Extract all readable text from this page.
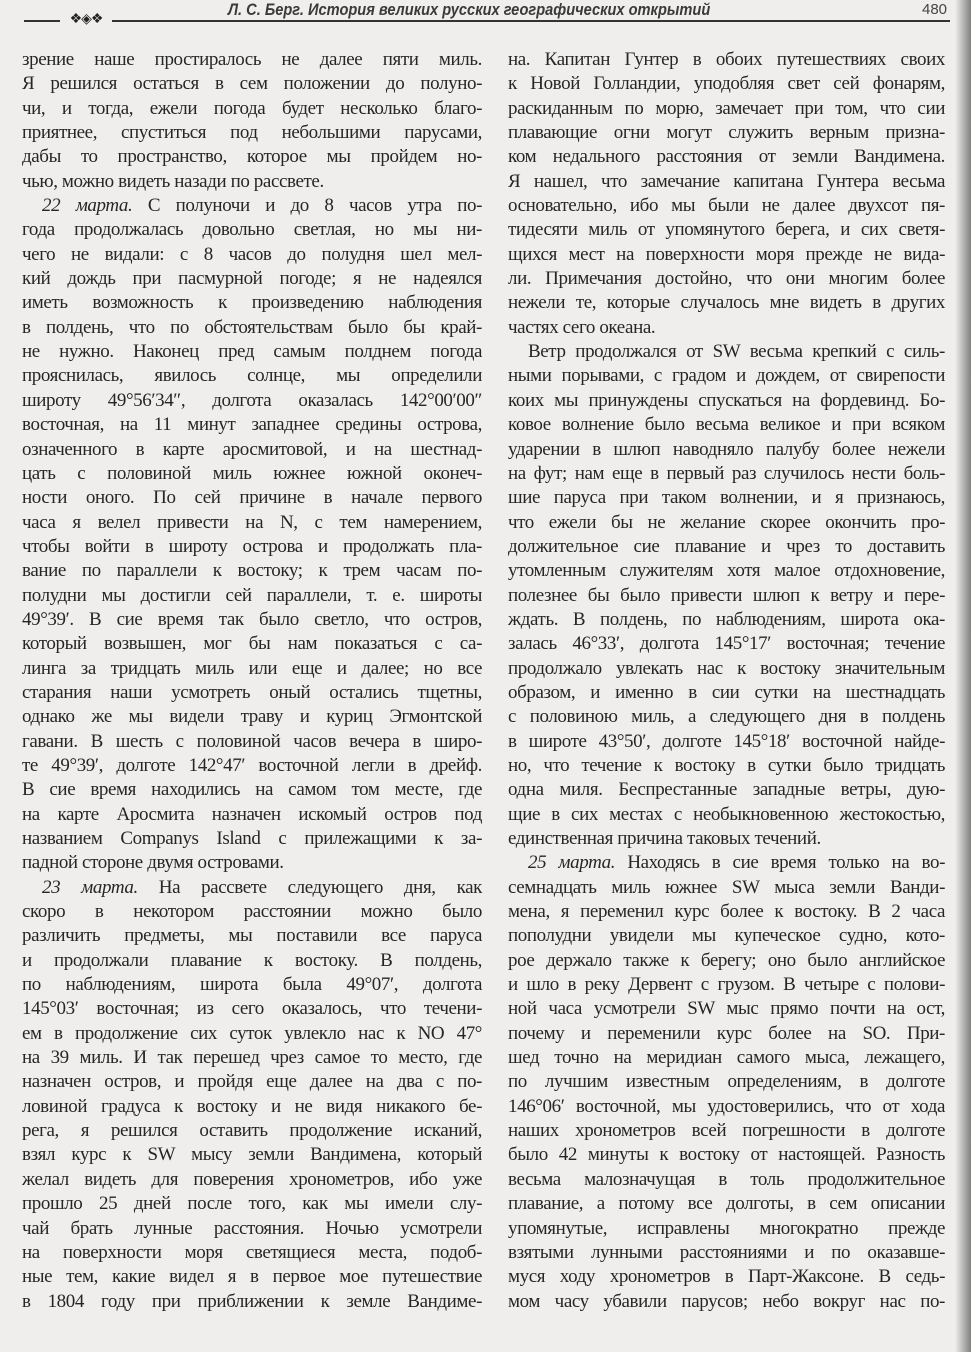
❖◈❖
Л. С. Берг. История великих русских географических открытий	480
зрение наше простиралось не далее пяти миль.
Я решился остаться в сем положении до полуно-
чи, и тогда, ежели погода будет несколько благо-
приятнее, спуститься под небольшими парусами,
дабы то пространство, которое мы пройдем но-
чью, можно видеть назади по рассвете.
22 марта. С полуночи и до 8 часов утра по-
года продолжалась довольно светлая, но мы ни-
чего не видали: с 8 часов до полудня шел мел-
кий дождь при пасмурной погоде; я не надеялся
иметь возможность к произведению наблюдения
в полдень, что по обстоятельствам было бы край-
не нужно. Наконец пред самым полднем погода
прояснилась, явилось солнце, мы определили
широту 49°56′34″, долгота оказалась 142°00′00″
восточная, на 11 минут западнее средины острова,
означенного в карте аросмитовой, и на шестнад-
цать с половиной миль южнее южной оконеч-
ности оного. По сей причине в начале первого
часа я велел привести на N, с тем намерением,
чтобы войти в широту острова и продолжать пла-
вание по параллели к востоку; к трем часам по-
полудни мы достигли сей параллели, т. е. широты
49°39′. В сие время так было светло, что остров,
который возвышен, мог бы нам показаться с са-
линга за тридцать миль или еще и далее; но все
старания наши усмотреть оный остались тщетны,
однако же мы видели траву и куриц Эгмонтской
гавани. В шесть с половиной часов вечера в широ-
те 49°39′, долготе 142°47′ восточной легли в дрейф.
В сие время находились на самом том месте, где
на карте Аросмита назначен искомый остров под
названием Companys Island с прилежащими к за-
падной стороне двумя островами.
23 марта. На рассвете следующего дня, как
скоро в некотором расстоянии можно было
различить предметы, мы поставили все паруса
и продолжали плавание к востоку. В полдень,
по наблюдениям, широта была 49°07′, долгота
145°03′ восточная; из сего оказалось, что течени-
ем в продолжение сих суток увлекло нас к NO 47°
на 39 миль. И так перешед чрез самое то место, где
назначен остров, и пройдя еще далее на два с по-
ловиной градуса к востоку и не видя никакого бе-
рега, я решился оставить продолжение исканий,
взял курс к SW мысу земли Вандимена, который
желал видеть для поверения хронометров, ибо уже
прошло 25 дней после того, как мы имели слу-
чай брать лунные расстояния. Ночью усмотрели
на поверхности моря светящиеся места, подоб-
ные тем, какие видел я в первое мое путешествие
в 1804 году при приближении к земле Вандиме-
на. Капитан Гунтер в обоих путешествиях своих
к Новой Голландии, уподобляя свет сей фонарям,
раскиданным по морю, замечает при том, что сии
плавающие огни могут служить верным призна-
ком недального расстояния от земли Вандимена.
Я нашел, что замечание капитана Гунтера весьма
основательно, ибо мы были не далее двухсот пя-
тидесяти миль от упомянутого берега, и сих светя-
щихся мест на поверхности моря прежде не вида-
ли. Примечания достойно, что они многим более
нежели те, которые случалось мне видеть в других
частях сего океана.
Ветр продолжался от SW весьма крепкий с силь-
ными порывами, с градом и дождем, от свирепости
коих мы принуждены спускаться на фордевинд. Бо-
ковое волнение было весьма великое и при всяком
ударении в шлюп наводняло палубу более нежели
на фут; нам еще в первый раз случилось нести боль-
шие паруса при таком волнении, и я признаюсь,
что ежели бы не желание скорее окончить про-
должительное сие плавание и чрез то доставить
утомленным служителям хотя малое отдохновение,
полезнее бы было привести шлюп к ветру и пере-
ждать. В полдень, по наблюдениям, широта ока-
залась 46°33′, долгота 145°17′ восточная; течение
продолжало увлекать нас к востоку значительным
образом, и именно в сии сутки на шестнадцать
с половиною миль, а следующего дня в полдень
в широте 43°50′, долготе 145°18′ восточной найде-
но, что течение к востоку в сутки было тридцать
одна миля. Беспрестанные западные ветры, дую-
щие в сих местах с необыкновенною жестокостью,
единственная причина таковых течений.
25 марта. Находясь в сие время только на во-
семнадцать миль южнее SW мыса земли Ванди-
мена, я переменил курс более к востоку. В 2 часа
пополудни увидели мы купеческое судно, кото-
рое держало также к берегу; оно было английское
и шло в реку Дервент с грузом. В четыре с полови-
ной часа усмотрели SW мыс прямо почти на ост,
почему и переменили курс более на SO. При-
шед точно на меридиан самого мыса, лежащего,
по лучшим известным определениям, в долготе
146°06′ восточной, мы удостоверились, что от хода
наших хронометров всей погрешности в долготе
было 42 минуты к востоку от настоящей. Разность
весьма малозначущая в толь продолжительное
плавание, а потому все долготы, в сем описании
упомянутые, исправлены многократно прежде
взятыми лунными расстояниями и по оказавше-
муся ходу хронометров в Парт-Жаксоне. В седь-
мом часу убавили парусов; небо вокруг нас по-
